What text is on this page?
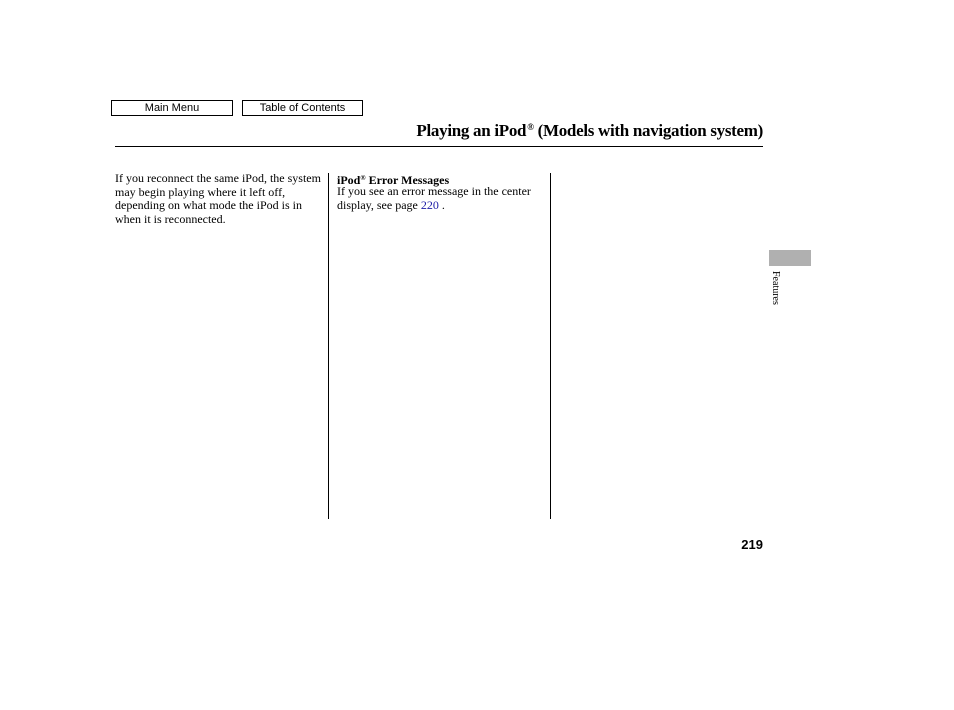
Main Menu	Table of Contents
Playing an iPod® (Models with navigation system)

If you reconnect the same iPod, the system may begin playing where it left off, depending on what mode the iPod is in when it is reconnected.

iPod® Error Messages

If you see an error message in the center display, see page 220 .

Features
219
